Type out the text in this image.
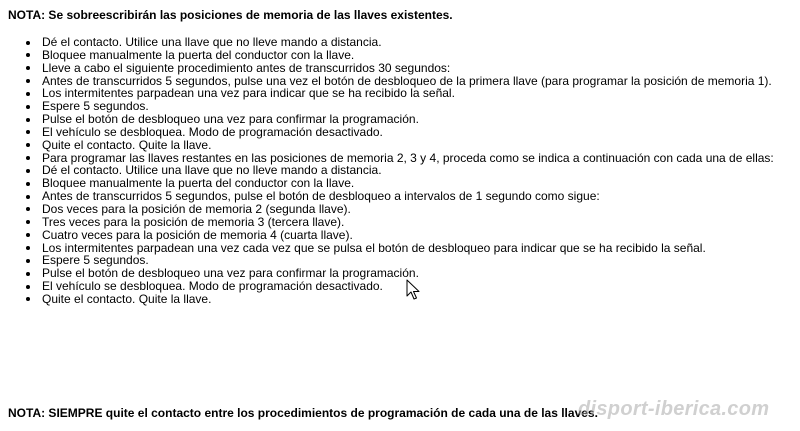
NOTA: Se sobreescribirán las posiciones de memoria de las llaves existentes.
Dé el contacto. Utilice una llave que no lleve mando a distancia.
Bloquee manualmente la puerta del conductor con la llave.
Lleve a cabo el siguiente procedimiento antes de transcurridos 30 segundos:
Antes de transcurridos 5 segundos, pulse una vez el botón de desbloqueo de la primera llave (para programar la posición de memoria 1).
Los intermitentes parpadean una vez para indicar que se ha recibido la señal.
Espere 5 segundos.
Pulse el botón de desbloqueo una vez para confirmar la programación.
El vehículo se desbloquea. Modo de programación desactivado.
Quite el contacto. Quite la llave.
Para programar las llaves restantes en las posiciones de memoria 2, 3 y 4, proceda como se indica a continuación con cada una de ellas:
Dé el contacto. Utilice una llave que no lleve mando a distancia.
Bloquee manualmente la puerta del conductor con la llave.
Antes de transcurridos 5 segundos, pulse el botón de desbloqueo a intervalos de 1 segundo como sigue:
Dos veces para la posición de memoria 2 (segunda llave).
Tres veces para la posición de memoria 3 (tercera llave).
Cuatro veces para la posición de memoria 4 (cuarta llave).
Los intermitentes parpadean una vez cada vez que se pulsa el botón de desbloqueo para indicar que se ha recibido la señal.
Espere 5 segundos.
Pulse el botón de desbloqueo una vez para confirmar la programación.
El vehículo se desbloquea. Modo de programación desactivado.
Quite el contacto. Quite la llave.
NOTA: SIEMPRE quite el contacto entre los procedimientos de programación de cada una de las llaves.
disport-iberica.com
